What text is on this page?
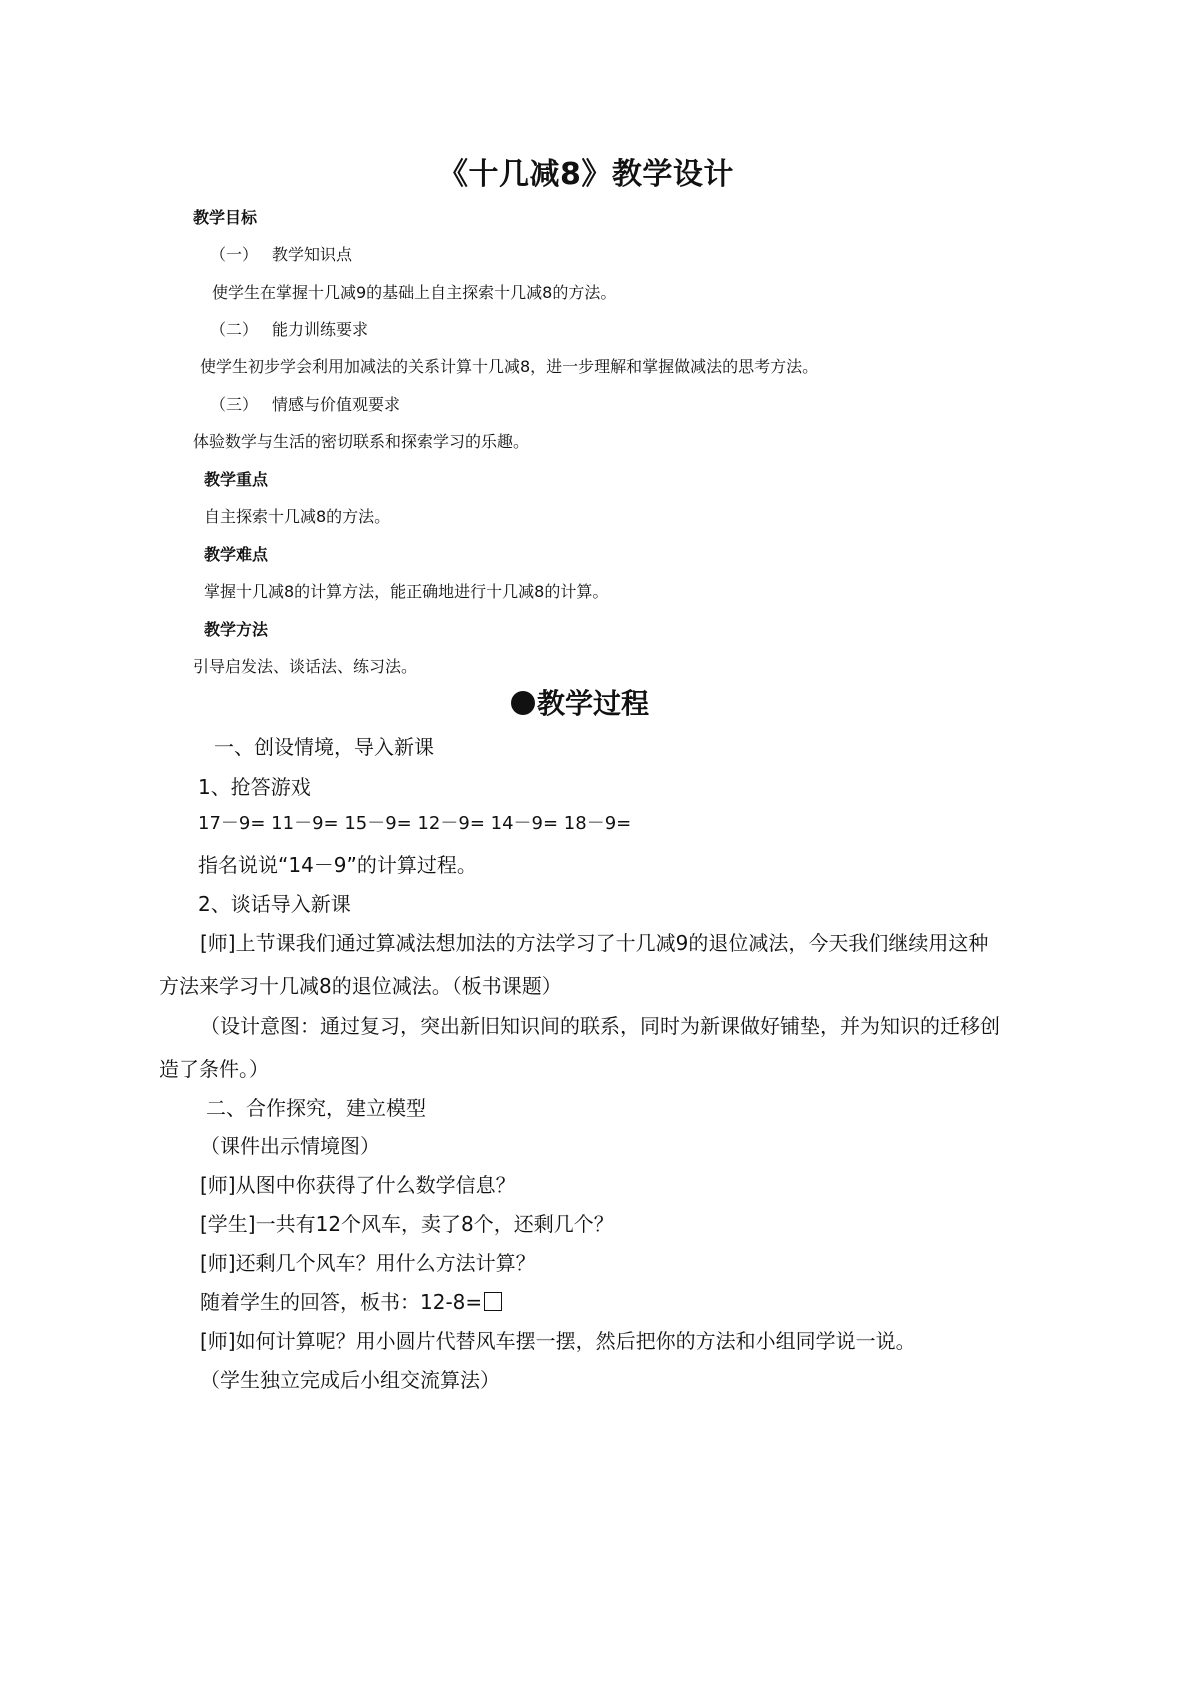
《十几减8》教学设计
教学目标
（一） 教学知识点
使学生在掌握十几减9的基础上自主探索十几减8的方法。
（二） 能力训练要求
使学生初步学会利用加减法的关系计算十几减8，进一步理解和掌握做减法的思考方法。
（三） 情感与价值观要求
体验数学与生活的密切联系和探索学习的乐趣。
教学重点
自主探索十几减8的方法。
教学难点
掌握十几减8的计算方法，能正确地进行十几减8的计算。
教学方法
引导启发法、谈话法、练习法。
教学过程
一、创设情境，导入新课
1、抢答游戏
17－9= 11－9= 15－9= 12－9= 14－9= 18－9=
指名说说“14－9”的计算过程。
2、谈话导入新课
[师]上节课我们通过算减法想加法的方法学习了十几减9的退位减法，今天我们继续用这种
方法来学习十几减8的退位减法。（板书课题）
（设计意图：通过复习，突出新旧知识间的联系，同时为新课做好铺垫，并为知识的迁移创
造了条件。）
二、合作探究，建立模型
（课件出示情境图）
[师]从图中你获得了什么数学信息？
[学生]一共有12个风车，卖了8个，还剩几个？
[师]还剩几个风车？用什么方法计算？
随着学生的回答，板书：12-8=
[师]如何计算呢？用小圆片代替风车摆一摆，然后把你的方法和小组同学说一说。
（学生独立完成后小组交流算法）
